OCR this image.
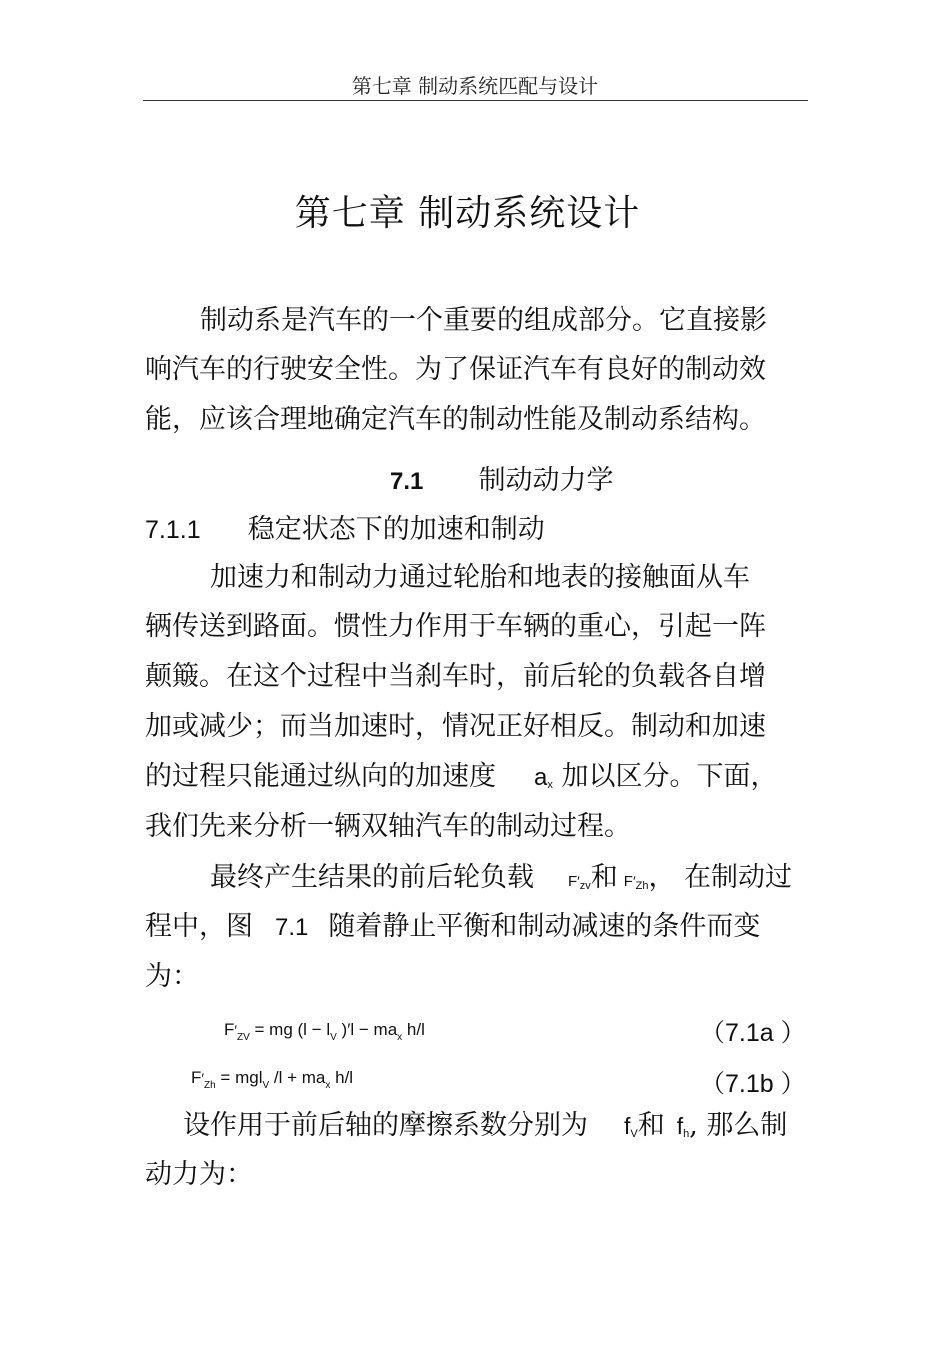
第七章 制动系统匹配与设计
第七章 制动系统设计
制动系是汽车的一个重要的组成部分。它直接影
响汽车的行驶安全性。为了保证汽车有良好的制动效
能，应该合理地确定汽车的制动性能及制动系结构。
7.1 制动动力学
7.1.1 稳定状态下的加速和制动
加速力和制动力通过轮胎和地表的接触面从车
辆传送到路面。惯性力作用于车辆的重心，引起一阵
颠簸。在这个过程中当刹车时，前后轮的负载各自增
加或减少；而当加速时，情况正好相反。制动和加速
的过程只能通过纵向的加速度 $a_x$ 加以区分。下面，
我们先来分析一辆双轴汽车的制动过程。
最终产生结果的前后轮负载 $F'_{zv}$和 $F'_{Zh}$， 在制动过
程中，图 7.1 随着静止平衡和制动减速的条件而变
为：
$F'_{ZV}$ = mg ($l - l_V$ )$'l - ma_x$ h/l	（7.1a ）
$F'_{Zh} = mgl_V$ $/l + ma_x$ h/l	（7.1b ）
设作用于前后轴的摩擦系数分别为 $f_V$和 $f_h$, 那么制
动力为：
